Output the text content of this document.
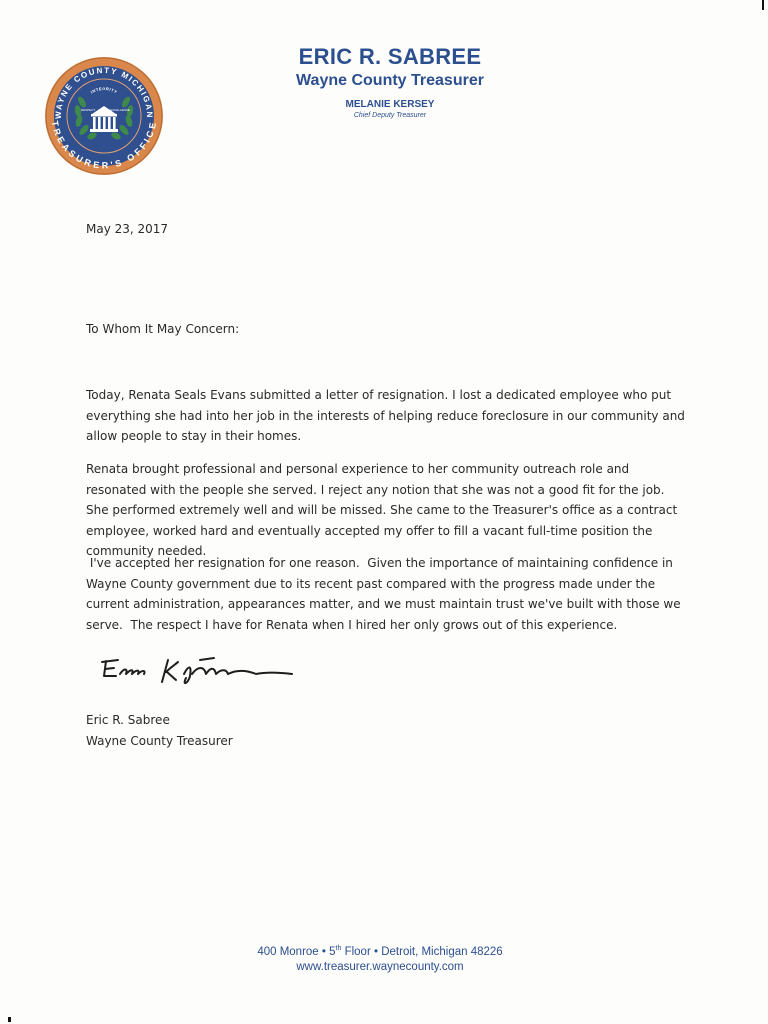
WAYNE COUNTY MICHIGAN
TREASURER'S OFFICE
INTEGRITY
RESPECT	EXCELLENCE
ERIC R. SABREE
Wayne County Treasurer
MELANIE KERSEY
Chief Deputy Treasurer
May 23, 2017
To Whom It May Concern:
Today, Renata Seals Evans submitted a letter of resignation. I lost a dedicated employee who put everything she had into her job in the interests of helping reduce foreclosure in our community and allow people to stay in their homes.
Renata brought professional and personal experience to her community outreach role and resonated with the people she served. I reject any notion that she was not a good fit for the job. She performed extremely well and will be missed. She came to the Treasurer's office as a contract employee, worked hard and eventually accepted my offer to fill a vacant full-time position the community needed.
I've accepted her resignation for one reason.  Given the importance of maintaining confidence in Wayne County government due to its recent past compared with the progress made under the current administration, appearances matter, and we must maintain trust we've built with those we serve.  The respect I have for Renata when I hired her only grows out of this experience.
Eric R. Sabree
Wayne County Treasurer
400 Monroe • 5th Floor • Detroit, Michigan 48226
www.treasurer.waynecounty.com
